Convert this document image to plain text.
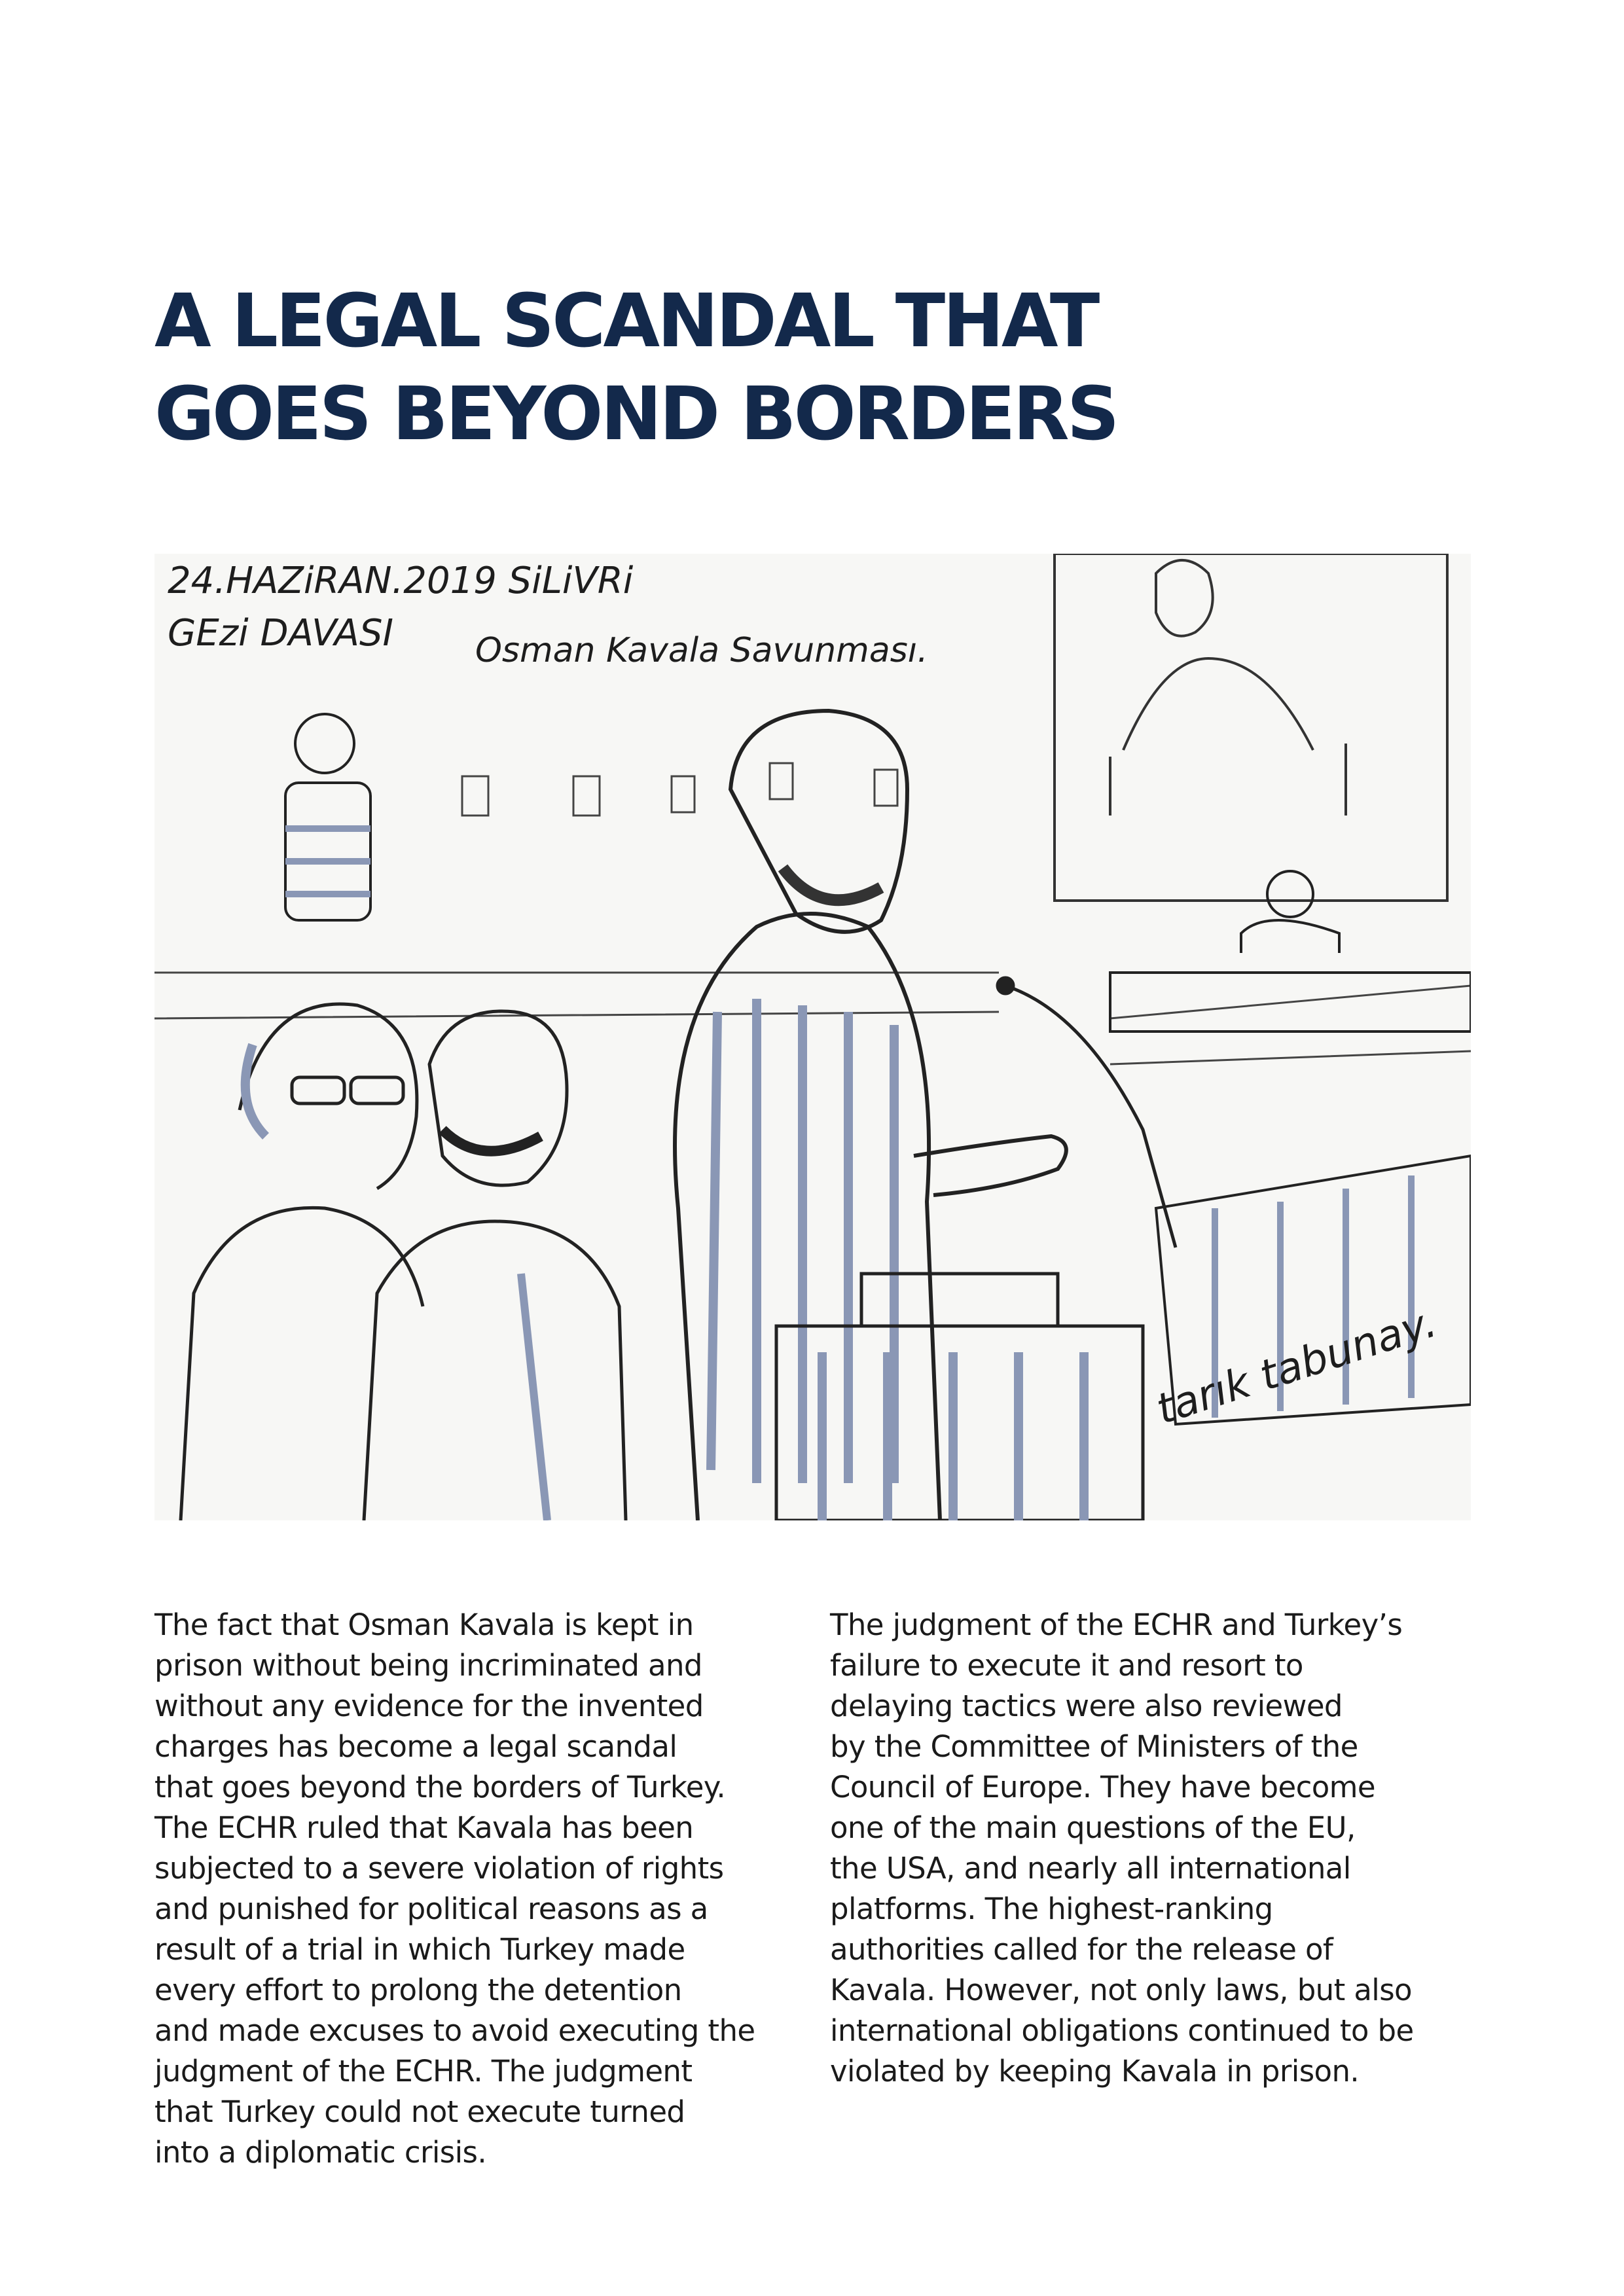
A LEGAL SCANDAL THAT
GOES BEYOND BORDERS
24.HAZiRAN.2019 SiLiVRi
GEzi DAVASI Osman Kavala Savunması.
tarık tabunay.
The fact that Osman Kavala is kept in
prison without being incriminated and
without any evidence for the invented
charges has become a legal scandal
that goes beyond the borders of Turkey.
The ECHR ruled that Kavala has been
subjected to a severe violation of rights
and punished for political reasons as a
result of a trial in which Turkey made
every effort to prolong the detention
and made excuses to avoid executing the
judgment of the ECHR. The judgment
that Turkey could not execute turned
into a diplomatic crisis.
The judgment of the ECHR and Turkey’s
failure to execute it and resort to
delaying tactics were also reviewed
by the Committee of Ministers of the
Council of Europe. They have become
one of the main questions of the EU,
the USA, and nearly all international
platforms. The highest-ranking
authorities called for the release of
Kavala. However, not only laws, but also
international obligations continued to be
violated by keeping Kavala in prison.
